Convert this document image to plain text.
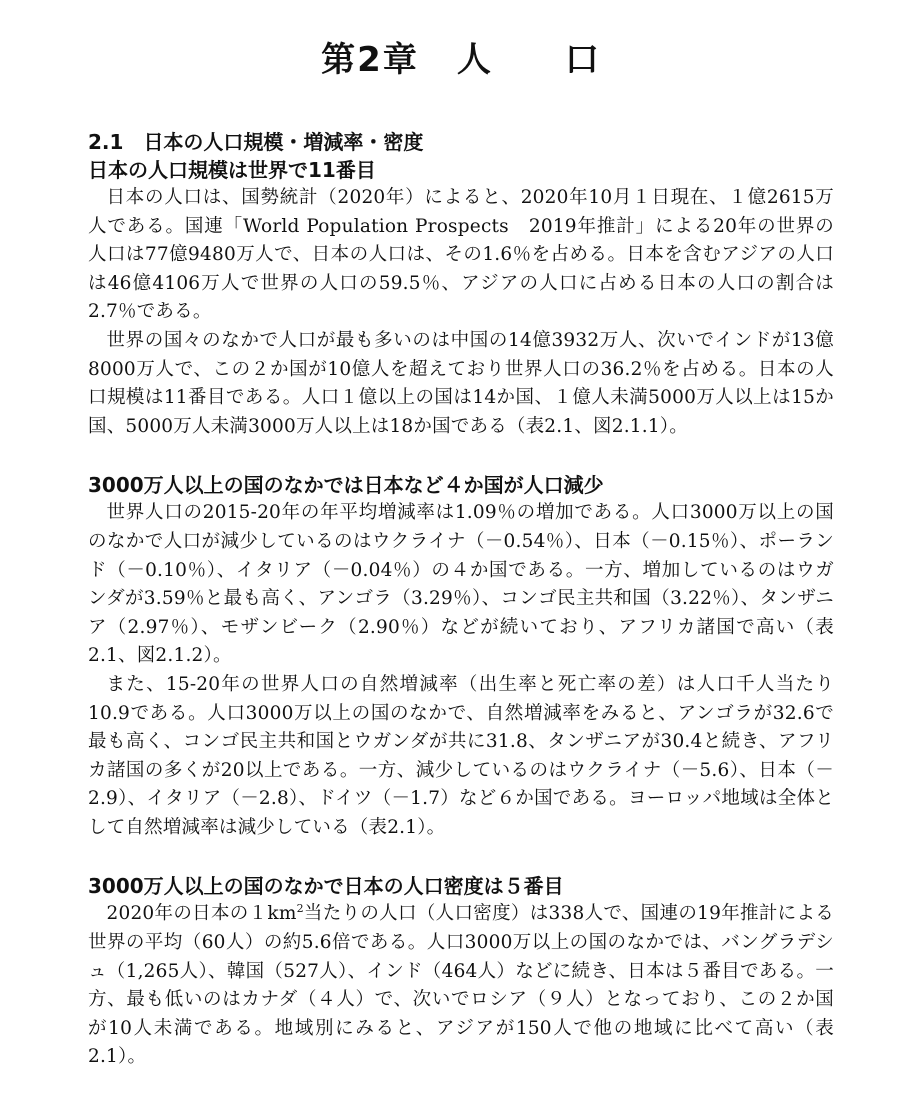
第2章 人　　口
2.1 日本の人口規模・増減率・密度
日本の人口規模は世界で11番目

日本の人口は、国勢統計（2020年）によると、2020年10月１日現在、１億2615万人である。国連「World Population Prospects　2019年推計」による20年の世界の人口は77億9480万人で、日本の人口は、その1.6％を占める。日本を含むアジアの人口は46億4106万人で世界の人口の59.5％、アジアの人口に占める日本の人口の割合は2.7％である。

世界の国々のなかで人口が最も多いのは中国の14億3932万人、次いでインドが13億8000万人で、この２か国が10億人を超えており世界人口の36.2％を占める。日本の人口規模は11番目である。人口１億以上の国は14か国、１億人未満5000万人以上は15か国、5000万人未満3000万人以上は18か国である（表2.1、図2.1.1）。

3000万人以上の国のなかでは日本など４か国が人口減少

世界人口の2015-20年の年平均増減率は1.09％の増加である。人口3000万以上の国のなかで人口が減少しているのはウクライナ（－0.54％）、日本（－0.15％）、ポーランド（－0.10％）、イタリア（－0.04％）の４か国である。一方、増加しているのはウガンダが3.59％と最も高く、アンゴラ（3.29％）、コンゴ民主共和国（3.22％）、タンザニア（2.97％）、モザンビーク（2.90％）などが続いており、アフリカ諸国で高い（表2.1、図2.1.2）。

また、15-20年の世界人口の自然増減率（出生率と死亡率の差）は人口千人当たり10.9である。人口3000万以上の国のなかで、自然増減率をみると、アンゴラが32.6で最も高く、コンゴ民主共和国とウガンダが共に31.8、タンザニアが30.4と続き、アフリカ諸国の多くが20以上である。一方、減少しているのはウクライナ（－5.6）、日本（－2.9）、イタリア（－2.8）、ドイツ（－1.7）など６か国である。ヨーロッパ地域は全体として自然増減率は減少している（表2.1）。

3000万人以上の国のなかで日本の人口密度は５番目

2020年の日本の$1km^2$当たりの人口（人口密度）は338人で、国連の19年推計による世界の平均（60人）の約5.6倍である。人口3000万以上の国のなかでは、バングラデシュ（1,265人）、韓国（527人）、インド（464人）などに続き、日本は５番目である。一方、最も低いのはカナダ（４人）で、次いでロシア（９人）となっており、この２か国が10人未満である。地域別にみると、アジアが150人で他の地域に比べて高い（表2.1）。
